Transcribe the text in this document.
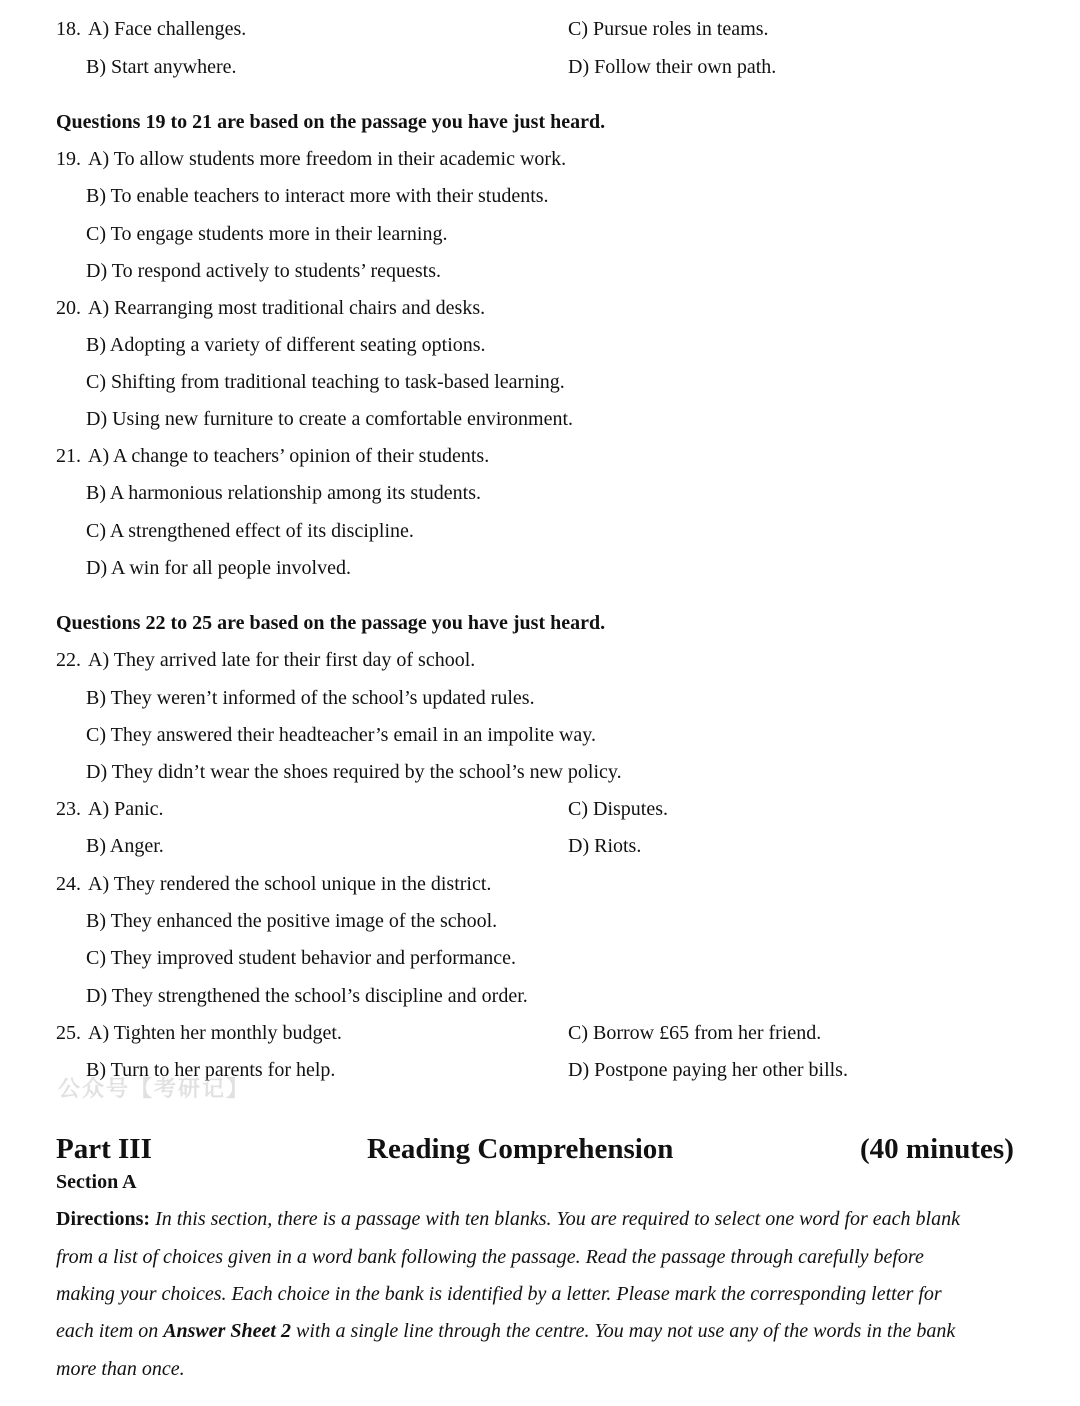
18. A) Face challenges.	C) Pursue roles in teams.
B) Start anywhere.	D) Follow their own path.
Questions 19 to 21 are based on the passage you have just heard.
19. A) To allow students more freedom in their academic work.
B) To enable teachers to interact more with their students.
C) To engage students more in their learning.
D) To respond actively to students’ requests.
20. A) Rearranging most traditional chairs and desks.
B) Adopting a variety of different seating options.
C) Shifting from traditional teaching to task-based learning.
D) Using new furniture to create a comfortable environment.
21. A) A change to teachers’ opinion of their students.
B) A harmonious relationship among its students.
C) A strengthened effect of its discipline.
D) A win for all people involved.
Questions 22 to 25 are based on the passage you have just heard.
22. A) They arrived late for their first day of school.
B) They weren’t informed of the school’s updated rules.
C) They answered their headteacher’s email in an impolite way.
D) They didn’t wear the shoes required by the school’s new policy.
23. A) Panic.	C) Disputes.
B) Anger.	D) Riots.
24. A) They rendered the school unique in the district.
B) They enhanced the positive image of the school.
C) They improved student behavior and performance.
D) They strengthened the school’s discipline and order.
25. A) Tighten her monthly budget.	C) Borrow £65 from her friend.
B) Turn to her parents for help.	D) Postpone paying her other bills.
公众号【考研记】
Part III	Reading Comprehension	(40 minutes)
Section A
Directions: In this section, there is a passage with ten blanks. You are required to select one word for each blank
from a list of choices given in a word bank following the passage. Read the passage through carefully before
making your choices. Each choice in the bank is identified by a letter. Please mark the corresponding letter for
each item on Answer Sheet 2 with a single line through the centre. You may not use any of the words in the bank
more than once.
